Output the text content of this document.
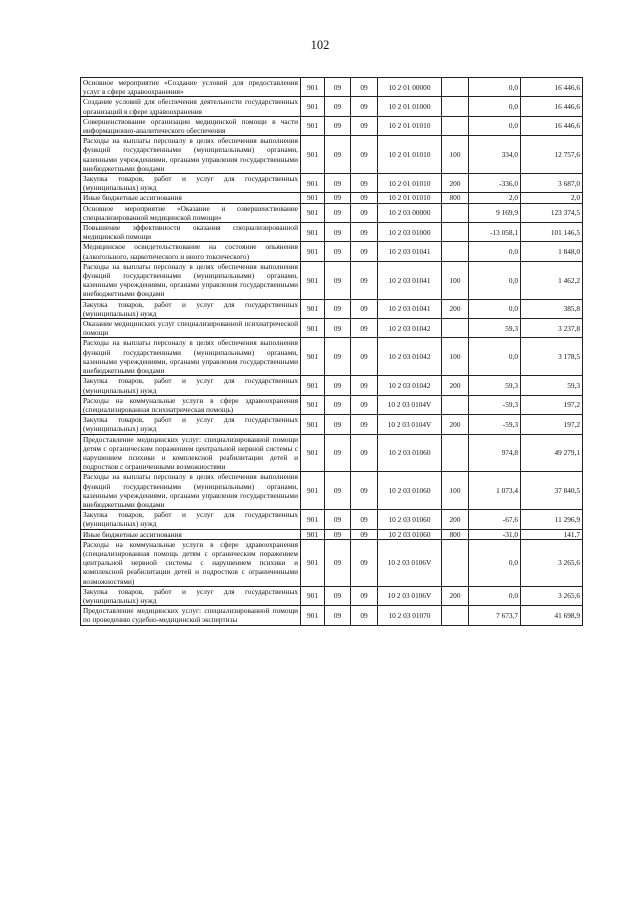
102
Основное мероприятие «Создание условий для предоставления услуг в сфере здравоохранения»	901	09	09	10 2 01 00000		0,0	16 446,6
Создание условий для обеспечения деятельности государственных организаций в сфере здравоохранения	901	09	09	10 2 01 01000		0,0	16 446,6
Совершенствование организации медицинской помощи в части информационно-аналитического обеспечения	901	09	09	10 2 01 01010		0,0	16 446,6
Расходы на выплаты персоналу в целях обеспечения выполнения функций государственными (муниципальными) органами, казенными учреждениями, органами управления государственными внебюджетными фондами	901	09	09	10 2 01 01010	100	334,0	12 757,6
Закупка товаров, работ и услуг для государственных (муниципальных) нужд	901	09	09	10 2 01 01010	200	-336,0	3 687,0
Иные бюджетные ассигнования	901	09	09	10 2 01 01010	800	2,0	2,0
Основное мероприятие «Оказание и совершенствование специализированной медицинской помощи»	901	09	09	10 2 03 00000		9 169,9	123 374,5
Повышение эффективности оказания специализированной медицинской помощи	901	09	09	10 2 03 01000		-13 058,1	101 146,5
Медицинское освидетельствование на состояние опьянения (алкогольного, наркотического и иного токсического)	901	09	09	10 2 03 01041		0,0	1 848,0
Расходы на выплаты персоналу в целях обеспечения выполнения функций государственными (муниципальными) органами, казенными учреждениями, органами управления государственными внебюджетными фондами	901	09	09	10 2 03 01041	100	0,0	1 462,2
Закупка товаров, работ и услуг для государственных (муниципальных) нужд	901	09	09	10 2 03 01041	200	0,0	385,8
Оказание медицинских услуг специализированной психиатрической помощи	901	09	09	10 2 03 01042		59,3	3 237,8
Расходы на выплаты персоналу в целях обеспечения выполнения функций государственными (муниципальными) органами, казенными учреждениями, органами управления государственными внебюджетными фондами	901	09	09	10 2 03 01042	100	0,0	3 178,5
Закупка товаров, работ и услуг для государственных (муниципальных) нужд	901	09	09	10 2 03 01042	200	59,3	59,3
Расходы на коммунальные услуги в сфере здравоохранения (специализированная психиатрическая помощь)	901	09	09	10 2 03 0104V		-59,3	197,2
Закупка товаров, работ и услуг для государственных (муниципальных) нужд	901	09	09	10 2 03 0104V	200	-59,3	197,2
Предоставление медицинских услуг: специализированной помощи детям с органическим поражением центральной нервной системы с нарушением психики и комплексной реабилитации детей и подростков с ограниченными возможностями	901	09	09	10 2 03 01060		974,8	49 279,1
Расходы на выплаты персоналу в целях обеспечения выполнения функций государственными (муниципальными) органами, казенными учреждениями, органами управления государственными внебюджетными фондами	901	09	09	10 2 03 01060	100	1 073,4	37 840,5
Закупка товаров, работ и услуг для государственных (муниципальных) нужд	901	09	09	10 2 03 01060	200	-67,6	11 296,9
Иные бюджетные ассигнования	901	09	09	10 2 03 01060	800	-31,0	141,7
Расходы на коммунальные услуги в сфере здравоохранения (специализированная помощь детям с органическим поражением центральной нервной системы с нарушением психики и комплексной реабилитации детей и подростков с ограниченными возможностями)	901	09	09	10 2 03 0106V		0,0	3 265,6
Закупка товаров, работ и услуг для государственных (муниципальных) нужд	901	09	09	10 2 03 0106V	200	0,0	3 265,6
Предоставление медицинских услуг: специализированной помощи по проведению судебно-медицинской экспертизы	901	09	09	10 2 03 01070		7 673,7	41 698,9
